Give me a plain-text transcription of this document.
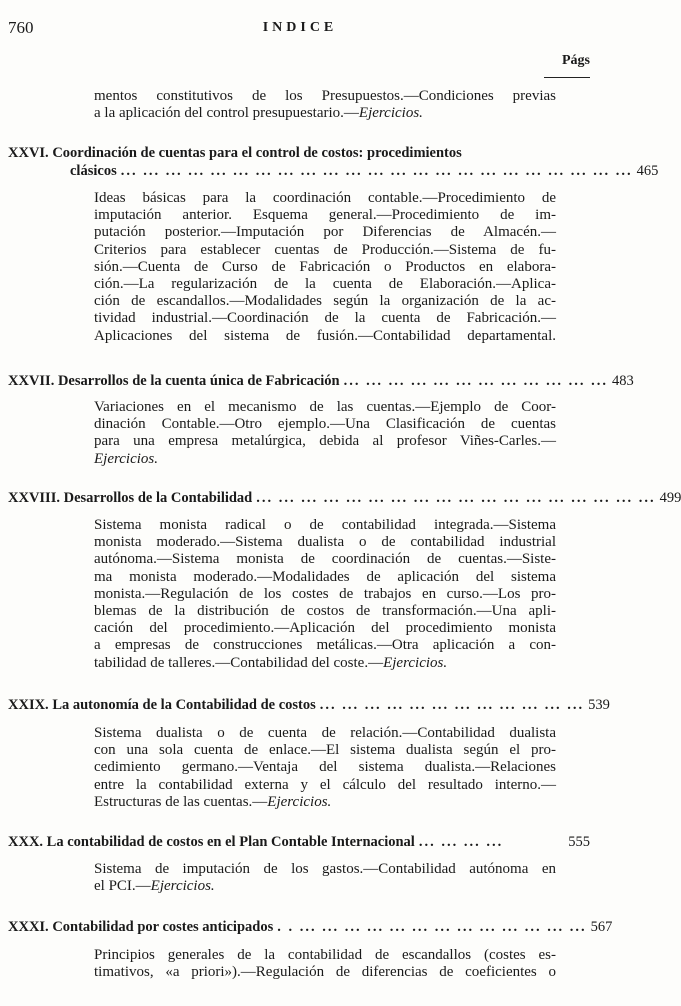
760	INDICE
Págs
mentos constitutivos de los Presupuestos.—Condiciones previas
a la aplicación del control presupuestario.—Ejercicios.
XXVI. Coordinación de cuentas para el control de costos: procedimientos
clásicos ... ... ... ... ... ... ... ... ... ... ... ... ... ... ... ... ... ... ... ... ... ... ... 465
Ideas básicas para la coordinación contable.—Procedimiento de
imputación anterior. Esquema general.—Procedimiento de im-
putación posterior.—Imputación por Diferencias de Almacén.—
Criterios para establecer cuentas de Producción.—Sistema de fu-
sión.—Cuenta de Curso de Fabricación o Productos en elabora-
ción.—La regularización de la cuenta de Elaboración.—Aplica-
ción de escandallos.—Modalidades según la organización de la ac-
tividad industrial.—Coordinación de la cuenta de Fabricación.—
Aplicaciones del sistema de fusión.—Contabilidad departamental.
XXVII. Desarrollos de la cuenta única de Fabricación ... ... ... ... ... ... ... ... ... ... ... ... 483
Variaciones en el mecanismo de las cuentas.—Ejemplo de Coor-
dinación Contable.—Otro ejemplo.—Una Clasificación de cuentas
para una empresa metalúrgica, debida al profesor Viñes-Carles.—
Ejercicios.
XXVIII. Desarrollos de la Contabilidad ... ... ... ... ... ... ... ... ... ... ... ... ... ... ... ... ... ... 499
Sistema monista radical o de contabilidad integrada.—Sistema
monista moderado.—Sistema dualista o de contabilidad industrial
autónoma.—Sistema monista de coordinación de cuentas.—Siste-
ma monista moderado.—Modalidades de aplicación del sistema
monista.—Regulación de los costes de trabajos en curso.—Los pro-
blemas de la distribución de costos de transformación.—Una apli-
cación del procedimiento.—Aplicación del procedimiento monista
a empresas de construcciones metálicas.—Otra aplicación a con-
tabilidad de talleres.—Contabilidad del coste.—Ejercicios.
XXIX. La autonomía de la Contabilidad de costos ... ... ... ... ... ... ... ... ... ... ... ... 539
Sistema dualista o de cuenta de relación.—Contabilidad dualista
con una sola cuenta de enlace.—El sistema dualista según el pro-
cedimiento germano.—Ventaja del sistema dualista.—Relaciones
entre la contabilidad externa y el cálculo del resultado interno.—
Estructuras de las cuentas.—Ejercicios.
XXX. La contabilidad de costos en el Plan Contable Internacional ... ... ... ...	555
Sistema de imputación de los gastos.—Contabilidad autónoma en
el PCI.—Ejercicios.
XXXI. Contabilidad por costes anticipados . . ... ... ... ... ... ... ... ... ... ... ... ... ... 567
Principios generales de la contabilidad de escandallos (costes es-
timativos, «a priori»).—Regulación de diferencias de coeficientes o
